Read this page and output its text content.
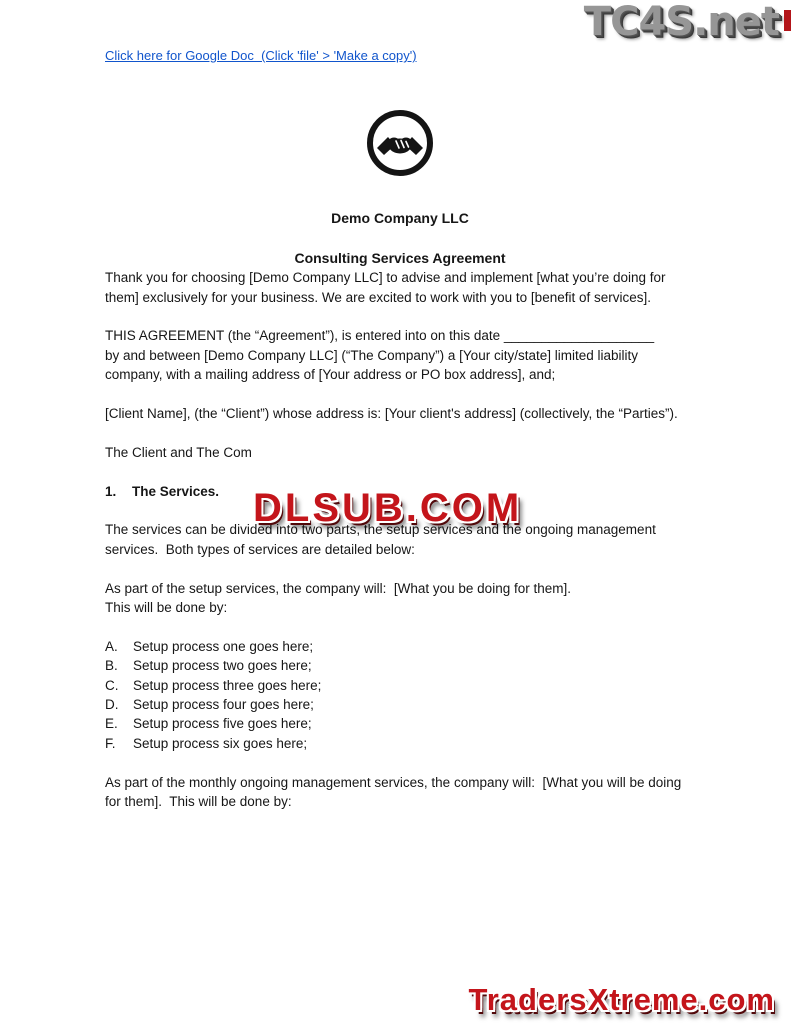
TC4S.net
Click here for Google Doc  (Click 'file' > 'Make a copy')
Demo Company LLC
Consulting Services Agreement

Thank you for choosing [Demo Company LLC] to advise and implement [what you’re doing for them] exclusively for your business. We are excited to work with you to [benefit of services].

THIS AGREEMENT (the “Agreement”), is entered into on this date ____________________
by and between [Demo Company LLC] (“The Company”) a [Your city/state] limited liability company, with a mailing address of [Your address or PO box address], and;

[Client Name], (the “Client”) whose address is: [Your client's address] (collectively, the “Parties”).

The Client and The Com

1. The Services.

The services can be divided into two parts, the setup services and the ongoing management services.  Both types of services are detailed below:

As part of the setup services, the company will:  [What you be doing for them].
This will be done by:

A. Setup process one goes here;
B. Setup process two goes here;
C. Setup process three goes here;
D. Setup process four goes here;
E. Setup process five goes here;
F. Setup process six goes here;

As part of the monthly ongoing management services, the company will:  [What you will be doing for them].  This will be done by:

DLSUB.COM
TradersXtreme.com
